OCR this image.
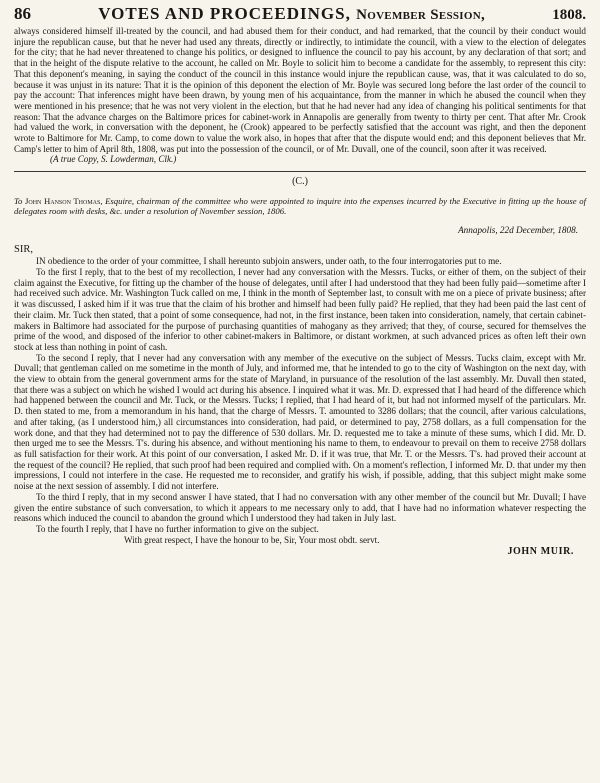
86	VOTES AND PROCEEDINGS, November Session,	1808.

always considered himself ill-treated by the council, and had abused them for their conduct, and had remarked, that the council by their conduct would injure the republican cause, but that he never had used any threats, directly or indirectly, to intimidate the council, with a view to the election of delegates for the city; that he had never threatened to change his politics, or designed to influence the council to pay his account, by any declaration of that sort; and that in the height of the dispute relative to the account, he called on Mr. Boyle to solicit him to become a candidate for the assembly, to represent this city: That this deponent's meaning, in saying the conduct of the council in this instance would injure the republican cause, was, that it was calculated to do so, because it was unjust in its nature: That it is the opinion of this deponent the election of Mr. Boyle was secured long before the last order of the council to pay the account: That inferences might have been drawn, by young men of his acquaintance, from the manner in which he abused the council when they were mentioned in his presence; that he was not very violent in the election, but that he had never had any idea of changing his political sentiments for that reason: That the advance charges on the Baltimore prices for cabinet-work in Annapolis are generally from twenty to thirty per cent. That after Mr. Crook had valued the work, in conversation with the deponent, he (Crook) appeared to be perfectly satisfied that the account was right, and then the deponent wrote to Baltimore for Mr. Camp, to come down to value the work also, in hopes that after that the dispute would end; and this deponent believes that Mr. Camp's letter to him of April 8th, 1808, was put into the possession of the council, or of Mr. Duvall, one of the council, soon after it was received.

(A true Copy, S. Lowderman, Clk.)

(C.)

To John Hanson Thomas, Esquire, chairman of the committee who were appointed to inquire into the expenses incurred by the Executive in fitting up the house of delegates room with desks, &c. under a resolution of November session, 1806.

Annapolis, 22d December, 1808.
SIR,

IN obedience to the order of your committee, I shall hereunto subjoin answers, under oath, to the four interrogatories put to me.

To the first I reply, that to the best of my recollection, I never had any conversation with the Messrs. Tucks, or either of them, on the subject of their claim against the Executive, for fitting up the chamber of the house of delegates, until after I had understood that they had been fully paid—sometime after I had received such advice. Mr. Washington Tuck called on me, I think in the month of September last, to consult with me on a piece of private business; after it was discussed, I asked him if it was true that the claim of his brother and himself had been fully paid? He replied, that they had been paid the last cent of their claim. Mr. Tuck then stated, that a point of some consequence, had not, in the first instance, been taken into consideration, namely, that certain cabinet-makers in Baltimore had associated for the purpose of purchasing quantities of mahogany as they arrived; that they, of course, secured for themselves the prime of the wood, and disposed of the inferior to other cabinet-makers in Baltimore, or distant workmen, at such advanced prices as often left their own stock at less than nothing in point of cash.

To the second I reply, that I never had any conversation with any member of the executive on the subject of Messrs. Tucks claim, except with Mr. Duvall; that gentleman called on me sometime in the month of July, and informed me, that he intended to go to the city of Washington on the next day, with the view to obtain from the general government arms for the state of Maryland, in pursuance of the resolution of the last assembly. Mr. Duvall then stated, that there was a subject on which he wished I would act during his absence. I inquired what it was. Mr. D. expressed that I had heard of the difference which had happened between the council and Mr. Tuck, or the Messrs. Tucks; I replied, that I had heard of it, but had not informed myself of the particulars. Mr. D. then stated to me, from a memorandum in his hand, that the charge of Messrs. T. amounted to 3286 dollars; that the council, after various calculations, and after taking, (as I understood him,) all circumstances into consideration, had paid, or determined to pay, 2758 dollars, as a full compensation for the work done, and that they had determined not to pay the difference of 530 dollars. Mr. D. requested me to take a minute of these sums, which I did. Mr. D. then urged me to see the Messrs. T's. during his absence, and without mentioning his name to them, to endeavour to prevail on them to receive 2758 dollars as full satisfaction for their work. At this point of our conversation, I asked Mr. D. if it was true, that Mr. T. or the Messrs. T's. had proved their account at the request of the council? He replied, that such proof had been required and complied with. On a moment's reflection, I informed Mr. D. that under my then impressions, I could not interfere in the case. He requested me to reconsider, and gratify his wish, if possible, adding, that this subject might make some noise at the next session of assembly. I did not interfere.

To the third I reply, that in my second answer I have stated, that I had no conversation with any other member of the council but Mr. Duvall; I have given the entire substance of such conversation, to which it appears to me necessary only to add, that I have had no information whatever respecting the reasons which induced the council to abandon the ground which I understood they had taken in July last.

To the fourth I reply, that I have no further information to give on the subject.

With great respect, I have the honour to be, Sir, Your most obdt. servt.
JOHN MUIR.
